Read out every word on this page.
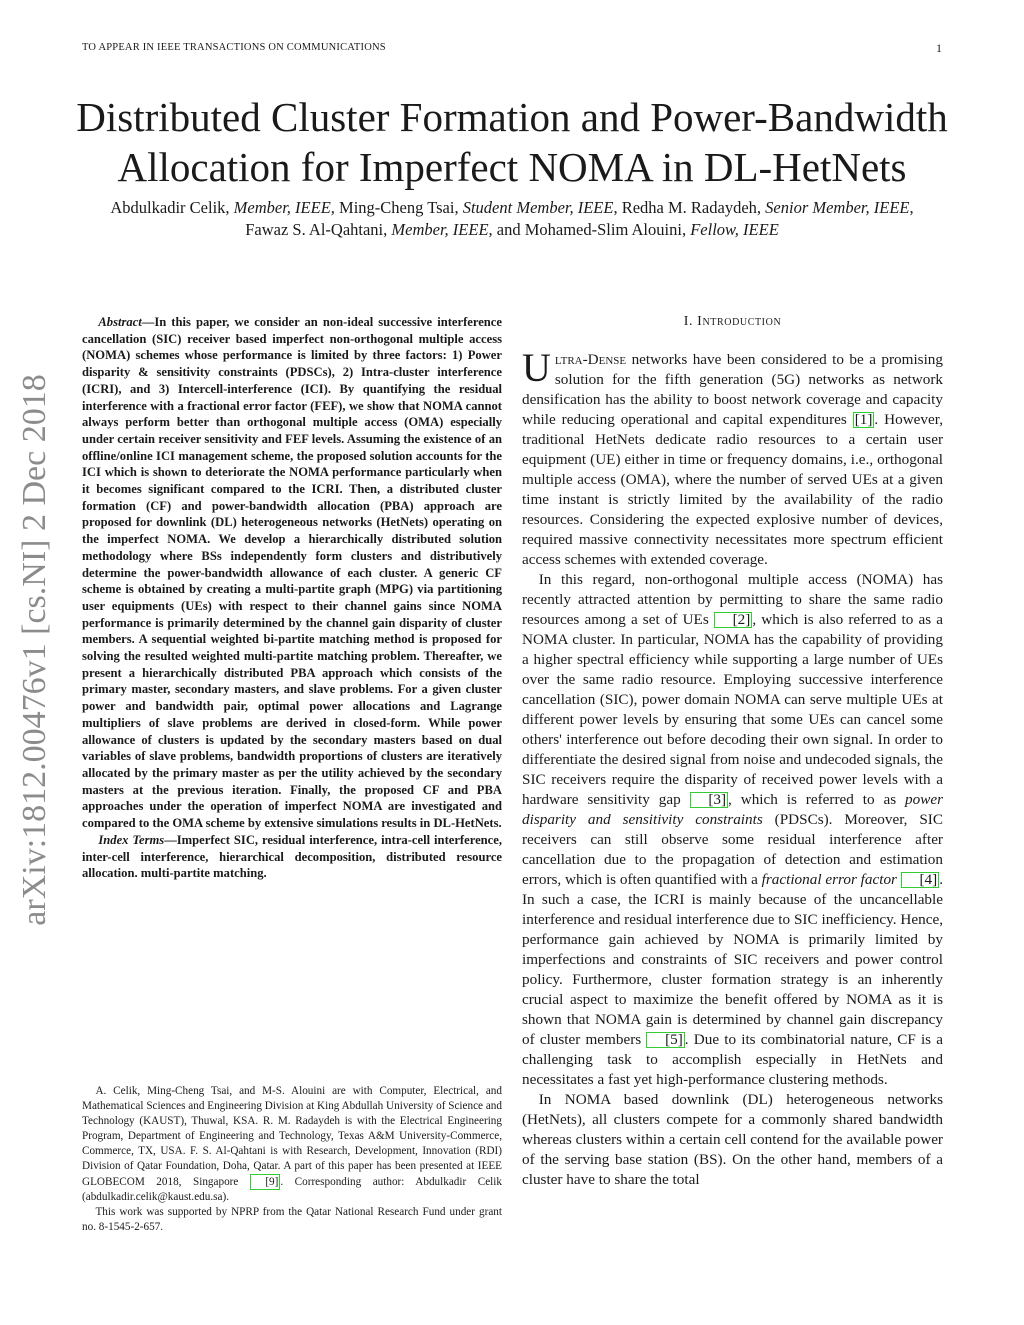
TO APPEAR IN IEEE TRANSACTIONS ON COMMUNICATIONS	1
arXiv:1812.00476v1 [cs.NI] 2 Dec 2018
Distributed Cluster Formation and Power-Bandwidth
Allocation for Imperfect NOMA in DL-HetNets
Abdulkadir Celik, Member, IEEE, Ming-Cheng Tsai, Student Member, IEEE, Redha M. Radaydeh, Senior Member, IEEE, Fawaz S. Al-Qahtani, Member, IEEE, and Mohamed-Slim Alouini, Fellow, IEEE

Abstract—In this paper, we consider an non-ideal successive interference cancellation (SIC) receiver based imperfect non-orthogonal multiple access (NOMA) schemes whose performance is limited by three factors: 1) Power disparity & sensitivity constraints (PDSCs), 2) Intra-cluster interference (ICRI), and 3) Intercell-interference (ICI). By quantifying the residual interference with a fractional error factor (FEF), we show that NOMA cannot always perform better than orthogonal multiple access (OMA) especially under certain receiver sensitivity and FEF levels. Assuming the existence of an offline/online ICI management scheme, the proposed solution accounts for the ICI which is shown to deteriorate the NOMA performance particularly when it becomes significant compared to the ICRI. Then, a distributed cluster formation (CF) and power-bandwidth allocation (PBA) approach are proposed for downlink (DL) heterogeneous networks (HetNets) operating on the imperfect NOMA. We develop a hierarchically distributed solution methodology where BSs independently form clusters and distributively determine the power-bandwidth allowance of each cluster. A generic CF scheme is obtained by creating a multi-partite graph (MPG) via partitioning user equipments (UEs) with respect to their channel gains since NOMA performance is primarily determined by the channel gain disparity of cluster members. A sequential weighted bi-partite matching method is proposed for solving the resulted weighted multi-partite matching problem. Thereafter, we present a hierarchically distributed PBA approach which consists of the primary master, secondary masters, and slave problems. For a given cluster power and bandwidth pair, optimal power allocations and Lagrange multipliers of slave problems are derived in closed-form. While power allowance of clusters is updated by the secondary masters based on dual variables of slave problems, bandwidth proportions of clusters are iteratively allocated by the primary master as per the utility achieved by the secondary masters at the previous iteration. Finally, the proposed CF and PBA approaches under the operation of imperfect NOMA are investigated and compared to the OMA scheme by extensive simulations results in DL-HetNets.

Index Terms—Imperfect SIC, residual interference, intra-cell interference, inter-cell interference, hierarchical decomposition, distributed resource allocation. multi-partite matching.

A. Celik, Ming-Cheng Tsai, and M-S. Alouini are with Computer, Electrical, and Mathematical Sciences and Engineering Division at King Abdullah University of Science and Technology (KAUST), Thuwal, KSA. R. M. Radaydeh is with the Electrical Engineering Program, Department of Engineering and Technology, Texas A&M University-Commerce, Commerce, TX, USA. F. S. Al-Qahtani is with Research, Development, Innovation (RDI) Division of Qatar Foundation, Doha, Qatar. A part of this paper has been presented at IEEE GLOBECOM 2018, Singapore [9] . Corresponding author: Abdulkadir Celik (abdulkadir.celik@kaust.edu.sa).

This work was supported by NPRP from the Qatar National Research Fund under grant no. 8-1545-2-657.

I. Introduction

Ultra-Dense networks have been considered to be a promising solution for the fifth generation (5G) networks as network densification has the ability to boost network coverage and capacity while reducing operational and capital expenditures [1] . However, traditional HetNets dedicate radio resources to a certain user equipment (UE) either in time or frequency domains, i.e., orthogonal multiple access (OMA), where the number of served UEs at a given time instant is strictly limited by the availability of the radio resources. Considering the expected explosive number of devices, required massive connectivity necessitates more spectrum efficient access schemes with extended coverage.

In this regard, non-orthogonal multiple access (NOMA) has recently attracted attention by permitting to share the same radio resources among a set of UEs [2] , which is also referred to as a NOMA cluster. In particular, NOMA has the capability of providing a higher spectral efficiency while supporting a large number of UEs over the same radio resource. Employing successive interference cancellation (SIC), power domain NOMA can serve multiple UEs at different power levels by ensuring that some UEs can cancel some others' interference out before decoding their own signal. In order to differentiate the desired signal from noise and undecoded signals, the SIC receivers require the disparity of received power levels with a hardware sensitivity gap [3] , which is referred to as power disparity and sensitivity constraints (PDSCs). Moreover, SIC receivers can still observe some residual interference after cancellation due to the propagation of detection and estimation errors, which is often quantified with a fractional error factor [4] . In such a case, the ICRI is mainly because of the uncancellable interference and residual interference due to SIC inefficiency. Hence, performance gain achieved by NOMA is primarily limited by imperfections and constraints of SIC receivers and power control policy. Furthermore, cluster formation strategy is an inherently crucial aspect to maximize the benefit offered by NOMA as it is shown that NOMA gain is determined by channel gain discrepancy of cluster members [5] . Due to its combinatorial nature, CF is a challenging task to accomplish especially in HetNets and necessitates a fast yet high-performance clustering methods.

In NOMA based downlink (DL) heterogeneous networks (HetNets), all clusters compete for a commonly shared bandwidth whereas clusters within a certain cell contend for the available power of the serving base station (BS). On the other hand, members of a cluster have to share the total
